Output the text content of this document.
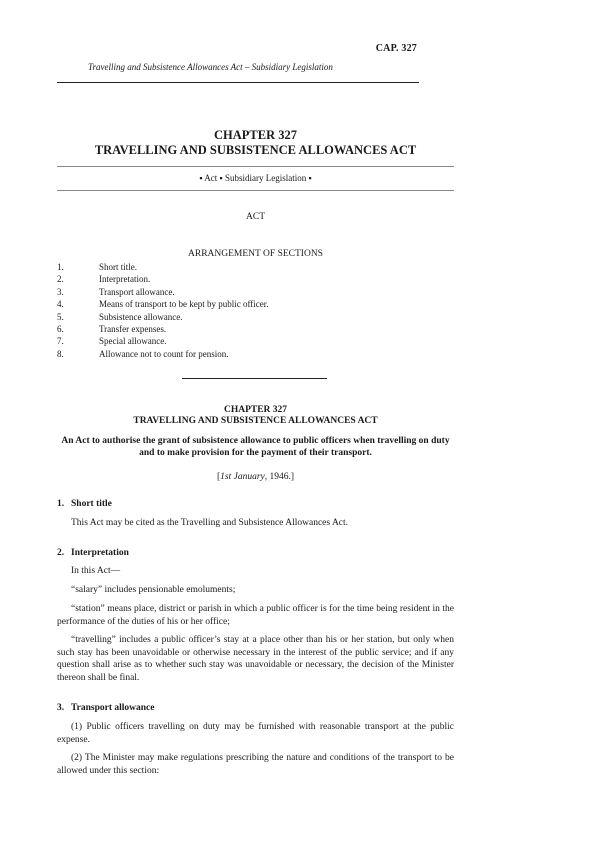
CAP. 327
Travelling and Subsistence Allowances Act – Subsidiary Legislation
CHAPTER 327
TRAVELLING AND SUBSISTENCE ALLOWANCES ACT
▪ Act ▪ Subsidiary Legislation ▪
ACT
ARRANGEMENT OF SECTIONS
1.	Short title.
2.	Interpretation.
3.	Transport allowance.
4.	Means of transport to be kept by public officer.
5.	Subsistence allowance.
6.	Transfer expenses.
7.	Special allowance.
8.	Allowance not to count for pension.
CHAPTER 327
TRAVELLING AND SUBSISTENCE ALLOWANCES ACT
An Act to authorise the grant of subsistence allowance to public officers when travelling on duty and to make provision for the payment of their transport.
[1st January, 1946.]
1. Short title
This Act may be cited as the Travelling and Subsistence Allowances Act.
2. Interpretation
In this Act—
“salary” includes pensionable emoluments;
“station” means place, district or parish in which a public officer is for the time being resident in the performance of the duties of his or her office;
“travelling” includes a public officer’s stay at a place other than his or her station, but only when such stay has been unavoidable or otherwise necessary in the interest of the public service; and if any question shall arise as to whether such stay was unavoidable or necessary, the decision of the Minister thereon shall be final.
3. Transport allowance
(1) Public officers travelling on duty may be furnished with reasonable transport at the public expense.
(2) The Minister may make regulations prescribing the nature and conditions of the transport to be allowed under this section:
